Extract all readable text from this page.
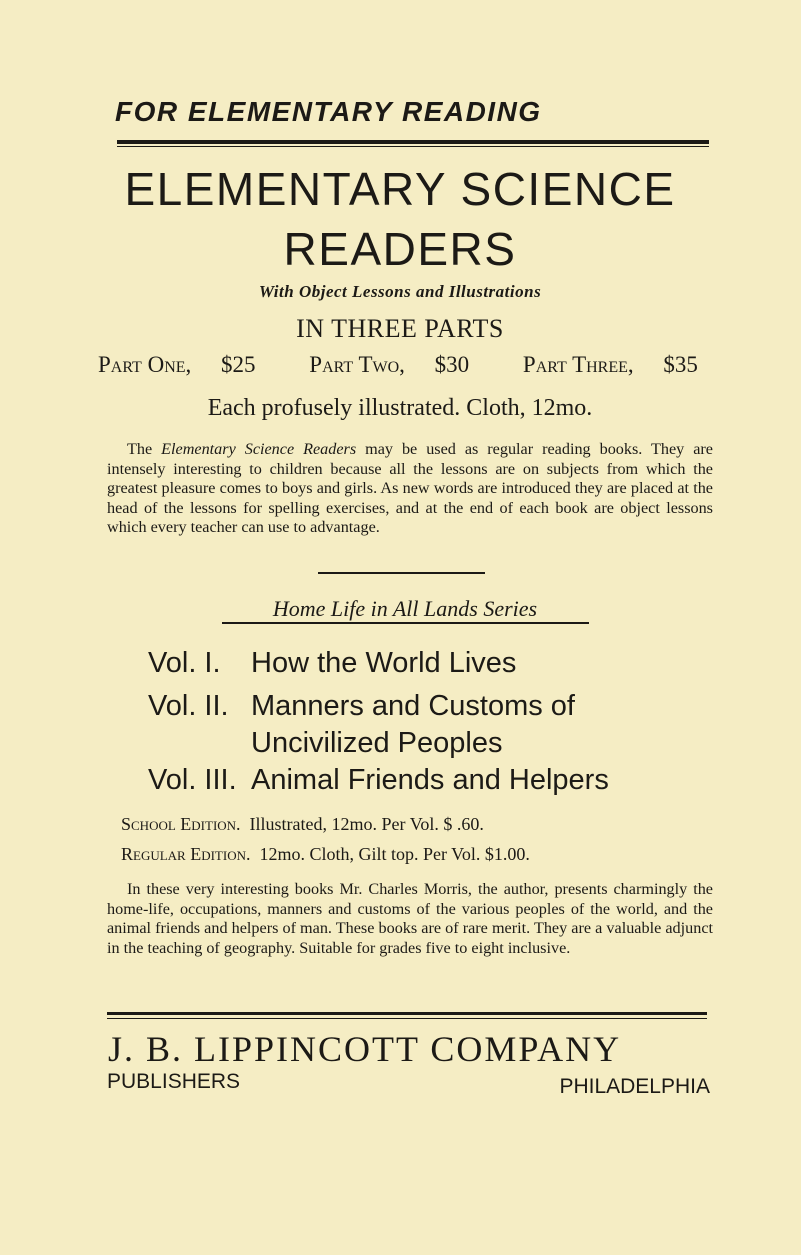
FOR ELEMENTARY READING
ELEMENTARY SCIENCE
READERS
With Object Lessons and Illustrations
IN THREE PARTS
Part One, $25 Part Two, $30 Part Three, $35
Each profusely illustrated. Cloth, 12mo.
The Elementary Science Readers may be used as regular reading books. They are intensely interesting to children because all the lessons are on subjects from which the greatest pleasure comes to boys and girls. As new words are introduced they are placed at the head of the lessons for spelling exercises, and at the end of each book are object lessons which every teacher can use to advantage.
Home Life in All Lands Series
Vol. I. How the World Lives
Vol. II. Manners and Customs of
Uncivilized Peoples
Vol. III. Animal Friends and Helpers
School Edition. Illustrated, 12mo. Per Vol. $ .60.
Regular Edition. 12mo. Cloth, Gilt top. Per Vol. $1.00.
In these very interesting books Mr. Charles Morris, the author, presents charmingly the home-life, occupations, manners and customs of the various peoples of the world, and the animal friends and helpers of man. These books are of rare merit. They are a valuable adjunct in the teaching of geography. Suitable for grades five to eight inclusive.
J. B. LIPPINCOTT COMPANY
PUBLISHERS	PHILADELPHIA
